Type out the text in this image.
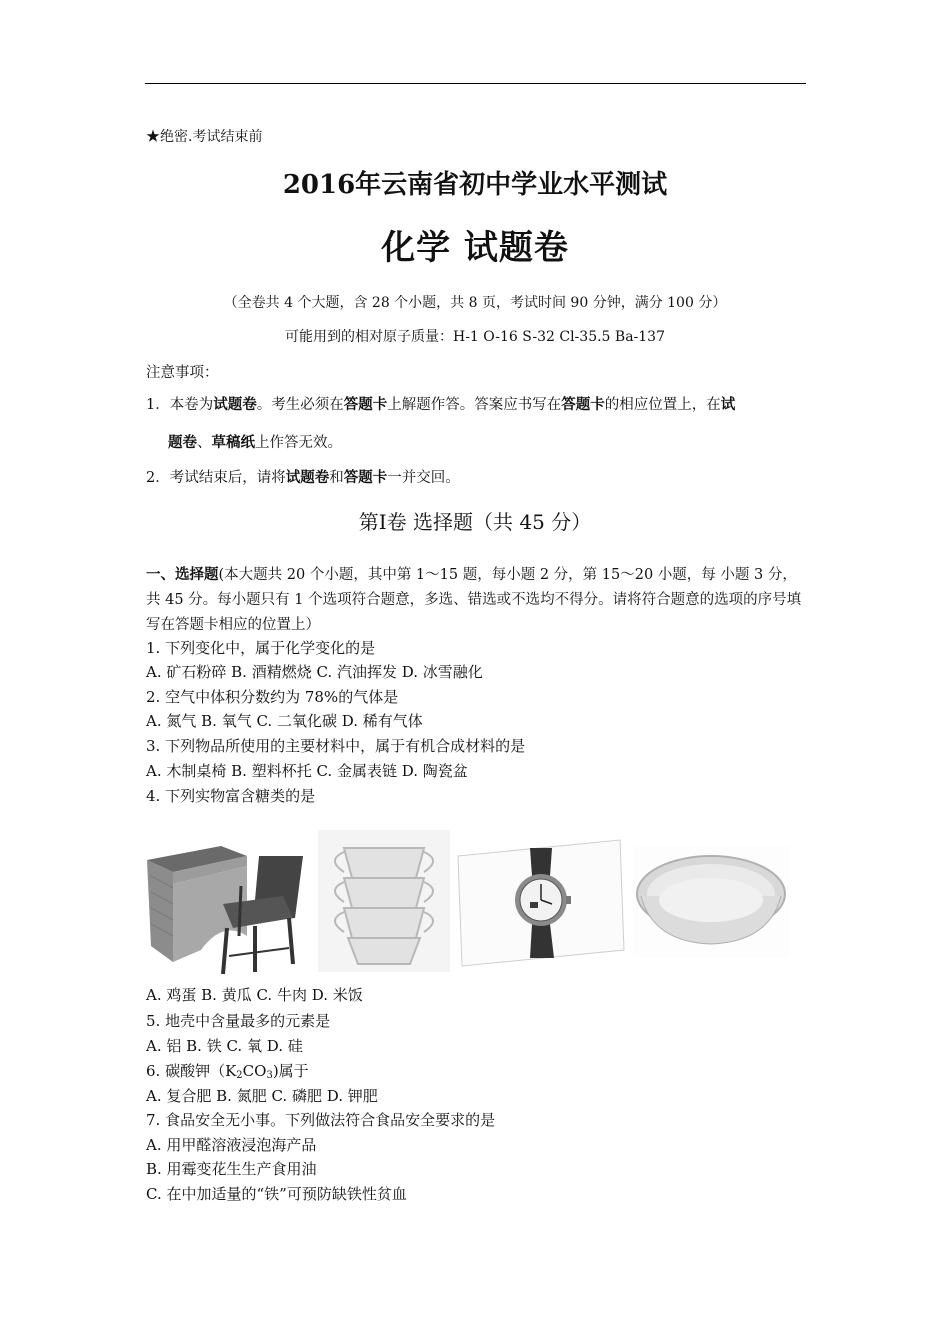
★绝密.考试结束前
2016年云南省初中学业水平测试
化学 试题卷
（全卷共 4 个大题，含 28 个小题，共 8 页，考试时间 90 分钟，满分 100 分）
可能用到的相对原子质量：H-1 O-16 S-32 Cl-35.5 Ba-137
注意事项：
1．本卷为试题卷。考生必须在答题卡上解题作答。答案应书写在答题卡的相应位置上，在试
题卷、草稿纸上作答无效。
2．考试结束后，请将试题卷和答题卡一并交回。
第Ⅰ卷 选择题（共 45 分）
一、选择题(本大题共 20 个小题，其中第 1～15 题，每小题 2 分，第 15～20 小题，每 小题 3 分，共 45 分。每小题只有 1 个选项符合题意，多选、错选或不选均不得分。请将符合题意的选项的序号填写在答题卡相应的位置上）
1. 下列变化中，属于化学变化的是
A. 矿石粉碎 B. 酒精燃烧 C. 汽油挥发 D. 冰雪融化
2. 空气中体积分数约为 78%的气体是
A. 氮气 B. 氧气 C. 二氧化碳 D. 稀有气体
3. 下列物品所使用的主要材料中，属于有机合成材料的是
A. 木制桌椅 B. 塑料杯托 C. 金属表链 D. 陶瓷盆
4. 下列实物富含糖类的是
A. 鸡蛋 B. 黄瓜 C. 牛肉 D. 米饭
5. 地壳中含量最多的元素是
A. 铝 B. 铁 C. 氧 D. 硅
6. 碳酸钾$(K_2CO_3)$属于
A. 复合肥 B. 氮肥 C. 磷肥 D. 钾肥
7. 食品安全无小事。下列做法符合食品安全要求的是
A. 用甲醛溶液浸泡海产品
B. 用霉变花生生产食用油
C. 在中加适量的“铁”可预防缺铁性贫血
